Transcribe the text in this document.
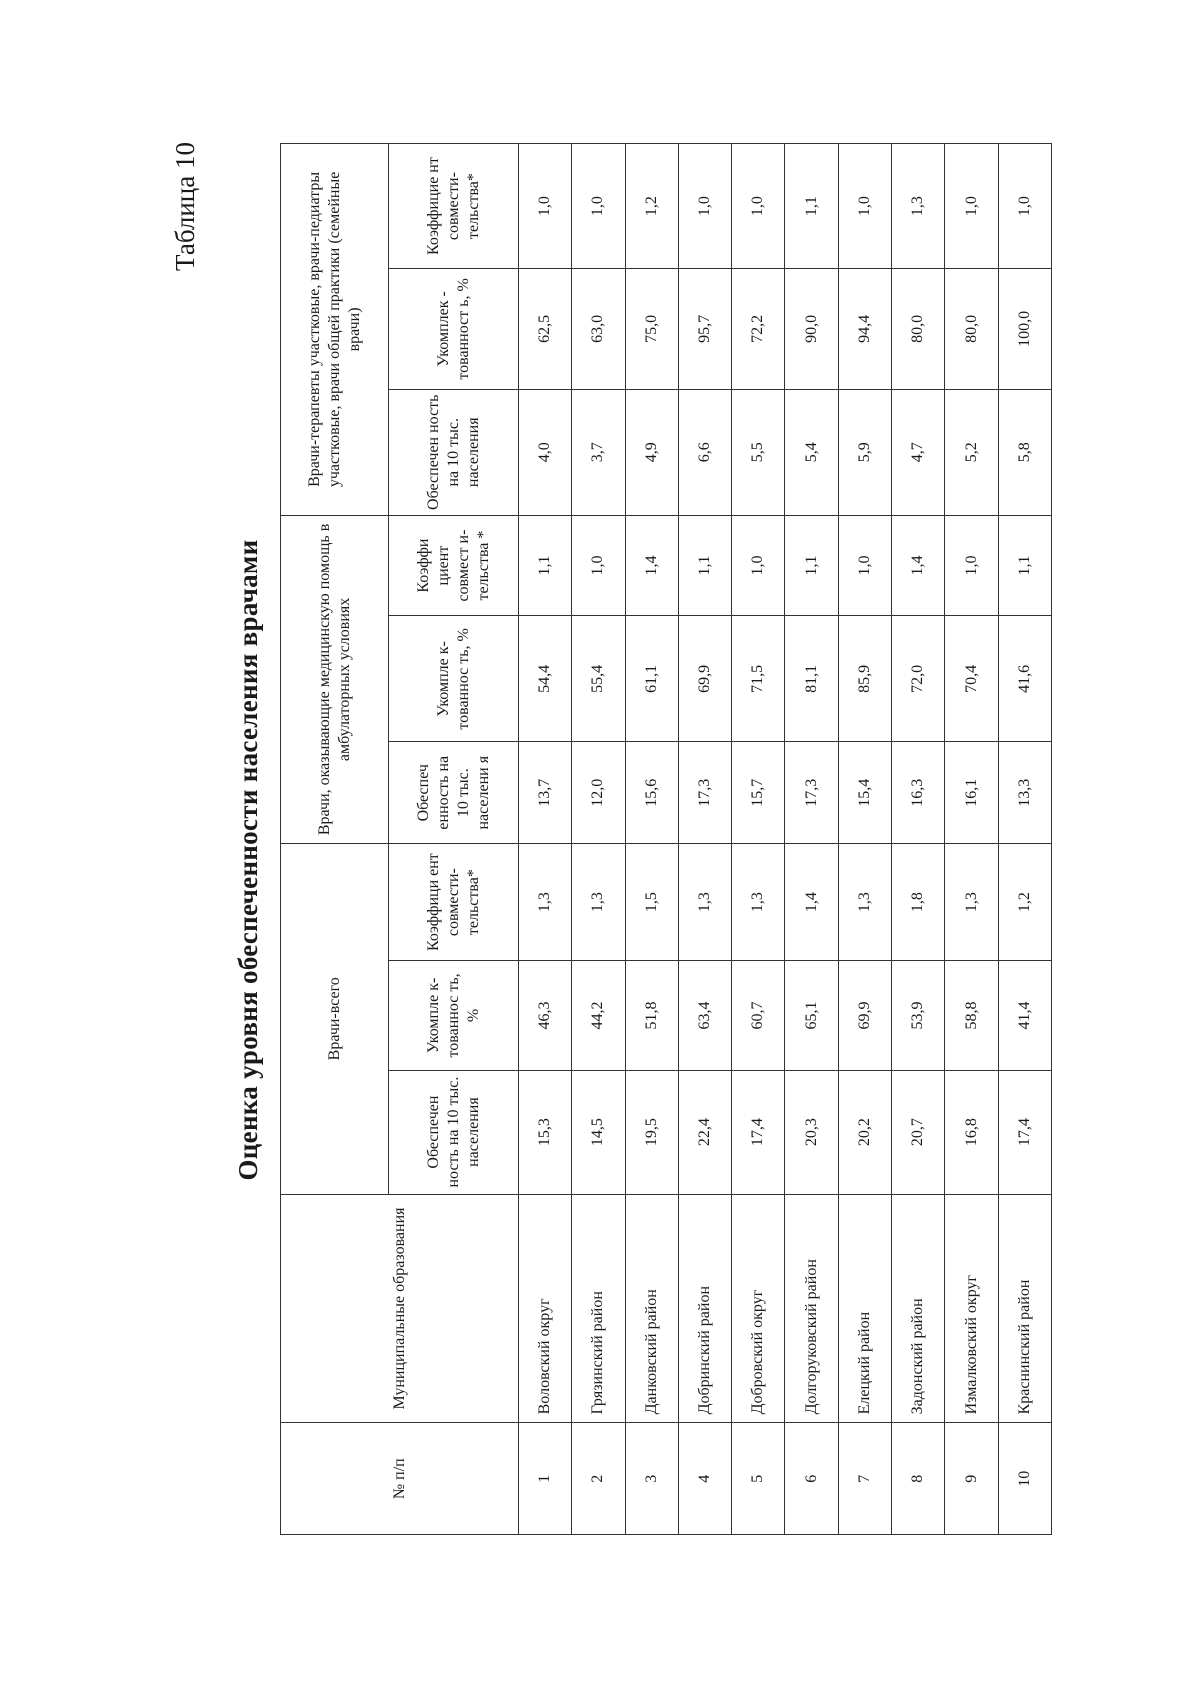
Таблица 10
Оценка уровня обеспеченности населения врачами
№ п/п	Муниципальные образования	Врачи-всего			Врачи, оказывающие медицинскую помощь в амбулаторных условиях			Врачи-терапевты участковые, врачи-педиатры участковые, врачи общей практики (семейные врачи)		
		Обеспечен ность на 10 тыс. населения	Укомпле к-тованнос ть, %	Коэффици ент совмести-тельства*	Обеспеч енность на 10 тыс. населени я	Укомпле к-тованнос ть, %	Коэффи циент совмест и-тельства *	Обеспечен ность на 10 тыс. населения	Укомплек - тованност ь, %	Коэффицие нт совмести-тельства*
1	Воловский округ	15,3	46,3	1,3	13,7	54,4	1,1	4,0	62,5	1,0
2	Грязинский район	14,5	44,2	1,3	12,0	55,4	1,0	3,7	63,0	1,0
3	Данковский район	19,5	51,8	1,5	15,6	61,1	1,4	4,9	75,0	1,2
4	Добринский район	22,4	63,4	1,3	17,3	69,9	1,1	6,6	95,7	1,0
5	Добровский округ	17,4	60,7	1,3	15,7	71,5	1,0	5,5	72,2	1,0
6	Долгоруковский район	20,3	65,1	1,4	17,3	81,1	1,1	5,4	90,0	1,1
7	Елецкий район	20,2	69,9	1,3	15,4	85,9	1,0	5,9	94,4	1,0
8	Задонский район	20,7	53,9	1,8	16,3	72,0	1,4	4,7	80,0	1,3
9	Измалковский округ	16,8	58,8	1,3	16,1	70,4	1,0	5,2	80,0	1,0
10	Краснинский район	17,4	41,4	1,2	13,3	41,6	1,1	5,8	100,0	1,0
